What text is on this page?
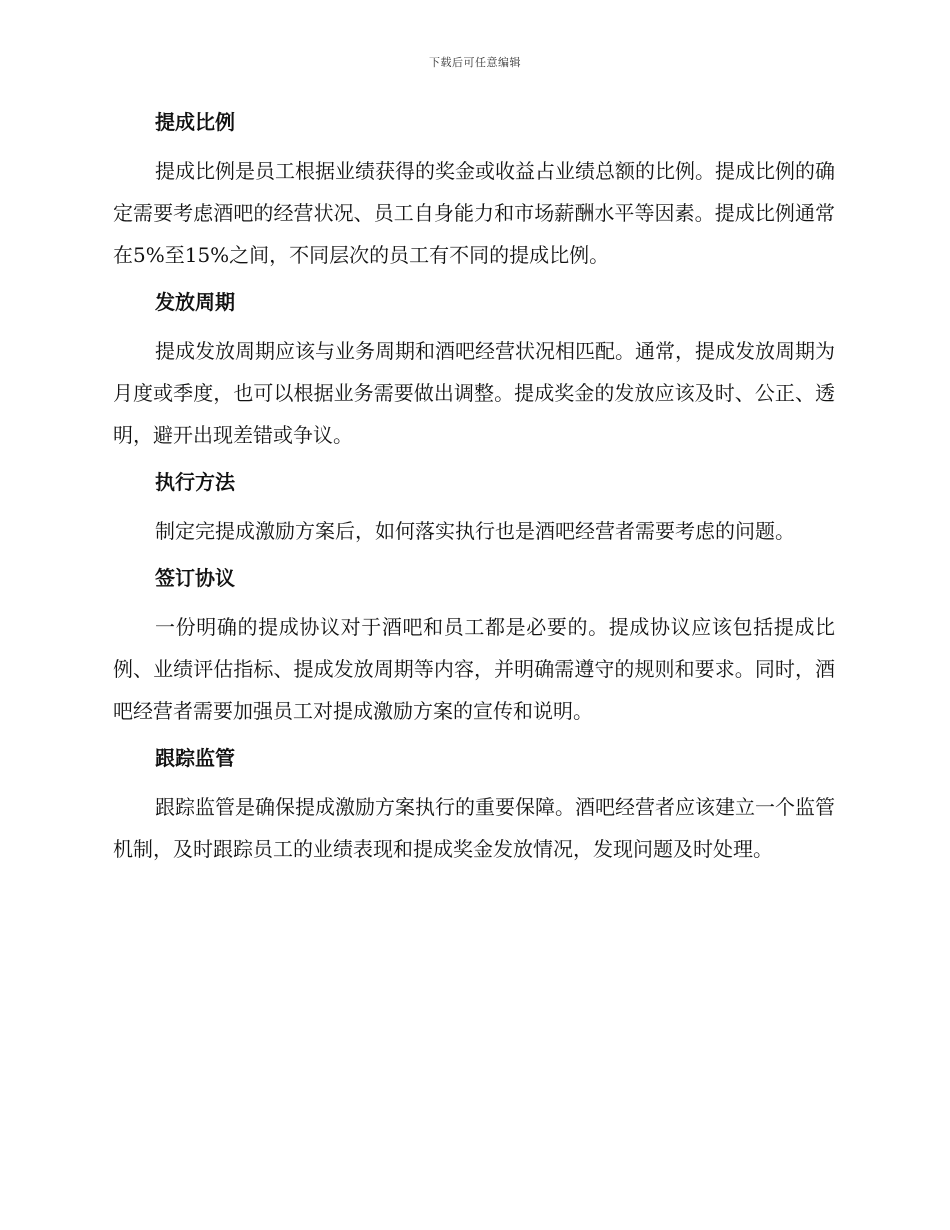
下载后可任意编辑
提成比例

提成比例是员工根据业绩获得的奖金或收益占业绩总额的比例。提成比例的确定需要考虑酒吧的经营状况、员工自身能力和市场薪酬水平等因素。提成比例通常在5%至15%之间，不同层次的员工有不同的提成比例。

发放周期

提成发放周期应该与业务周期和酒吧经营状况相匹配。通常，提成发放周期为月度或季度，也可以根据业务需要做出调整。提成奖金的发放应该及时、公正、透明，避开出现差错或争议。

执行方法

制定完提成激励方案后，如何落实执行也是酒吧经营者需要考虑的问题。

签订协议

一份明确的提成协议对于酒吧和员工都是必要的。提成协议应该包括提成比例、业绩评估指标、提成发放周期等内容，并明确需遵守的规则和要求。同时，酒吧经营者需要加强员工对提成激励方案的宣传和说明。

跟踪监管

跟踪监管是确保提成激励方案执行的重要保障。酒吧经营者应该建立一个监管机制，及时跟踪员工的业绩表现和提成奖金发放情况，发现问题及时处理。
